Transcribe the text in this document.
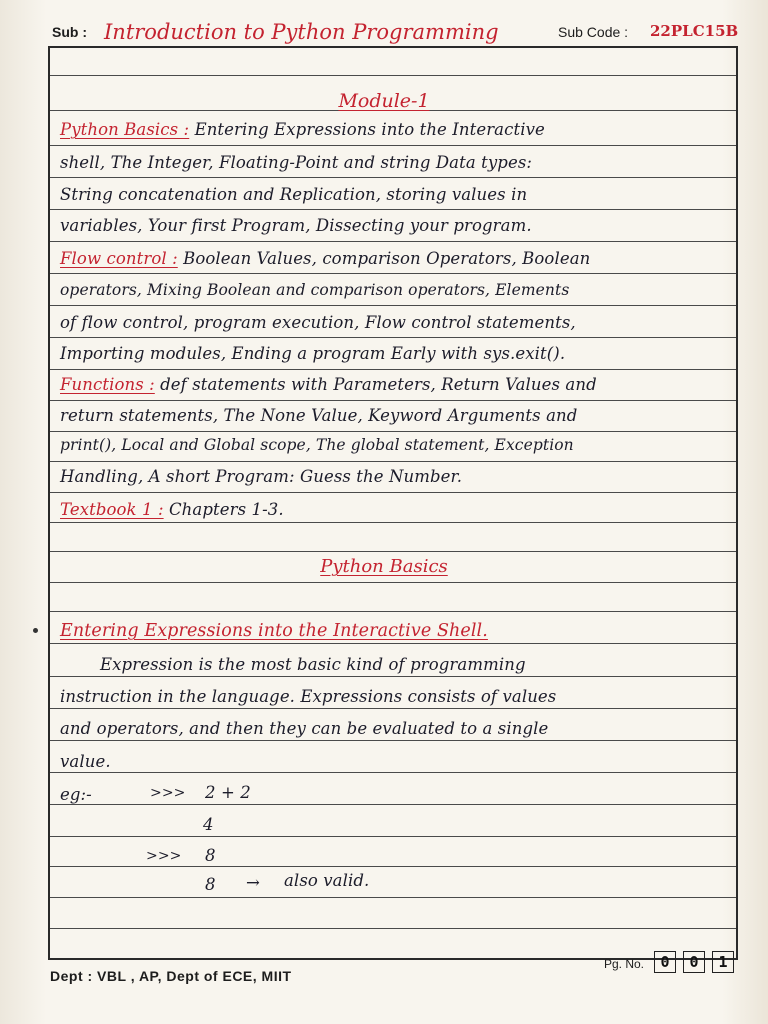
Sub : Introduction to Python Programming	Sub Code : 22PLC15B
Module-1
Python Basics : Entering Expressions into the Interactive
shell, The Integer, Floating-Point and string Data types:
String concatenation and Replication, storing values in
variables, Your first Program, Dissecting your program.
Flow control : Boolean Values, comparison Operators, Boolean
operators, Mixing Boolean and comparison operators, Elements
of flow control, program execution, Flow control statements,
Importing modules, Ending a program Early with sys.exit().
Functions : def statements with Parameters, Return Values and
return statements, The None Value, Keyword Arguments and
print(), Local and Global scope, The global statement, Exception
Handling, A short Program: Guess the Number.
Textbook 1 : Chapters 1-3.
Python Basics
Entering Expressions into the Interactive Shell.
Expression is the most basic kind of programming
instruction in the language. Expressions consists of values
and operators, and then they can be evaluated to a single
value.
eg:-	>>> 2 + 2
4
>>> 8
8 → also valid.
Dept : VBL , AP, Dept of ECE, MIIT
Pg. No.	0	0	1
